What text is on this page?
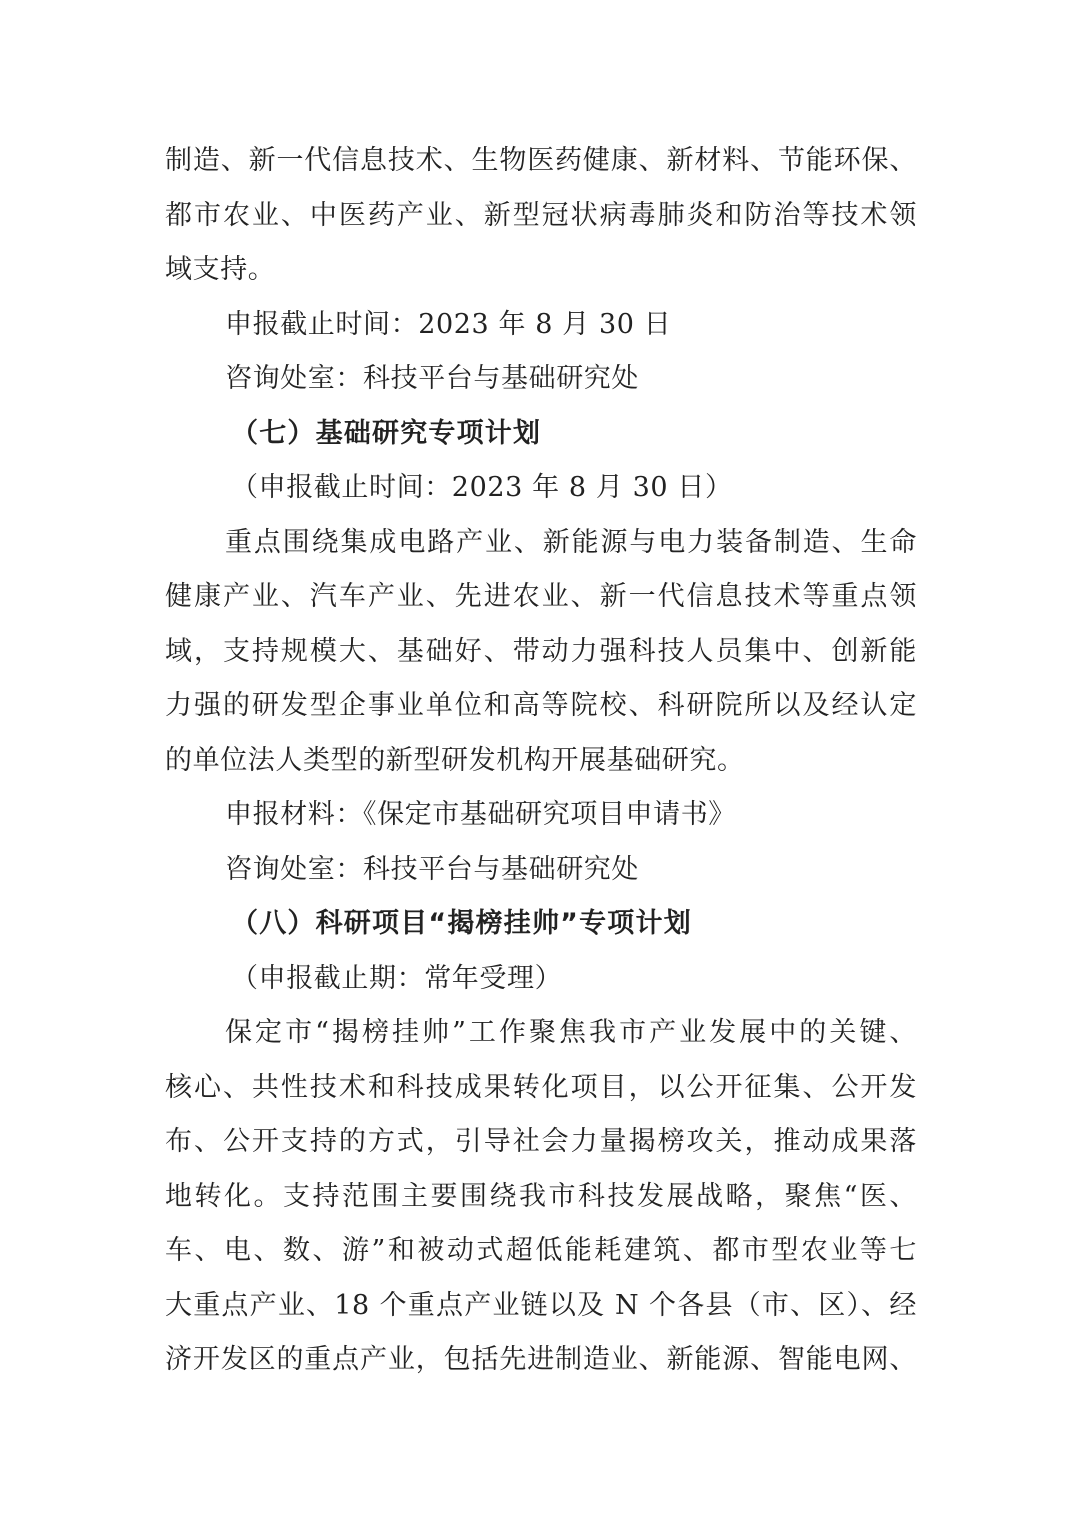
制造、新一代信息技术、生物医药健康、新材料、节能环保、
都市农业、中医药产业、新型冠状病毒肺炎和防治等技术领
域支持。
申报截止时间：2023 年 8 月 30 日
咨询处室：科技平台与基础研究处
（七）基础研究专项计划
（申报截止时间：2023 年 8 月 30 日）
重点围绕集成电路产业、新能源与电力装备制造、生命
健康产业、汽车产业、先进农业、新一代信息技术等重点领
域，支持规模大、基础好、带动力强科技人员集中、创新能
力强的研发型企事业单位和高等院校、科研院所以及经认定
的单位法人类型的新型研发机构开展基础研究。
申报材料：《保定市基础研究项目申请书》
咨询处室：科技平台与基础研究处
（八）科研项目“揭榜挂帅”专项计划
（申报截止期：常年受理）
保定市“揭榜挂帅”工作聚焦我市产业发展中的关键、
核心、共性技术和科技成果转化项目，以公开征集、公开发
布、公开支持的方式，引导社会力量揭榜攻关，推动成果落
地转化。支持范围主要围绕我市科技发展战略，聚焦“医、
车、电、数、游”和被动式超低能耗建筑、都市型农业等七
大重点产业、18 个重点产业链以及 N 个各县（市、区）、经
济开发区的重点产业，包括先进制造业、新能源、智能电网、
